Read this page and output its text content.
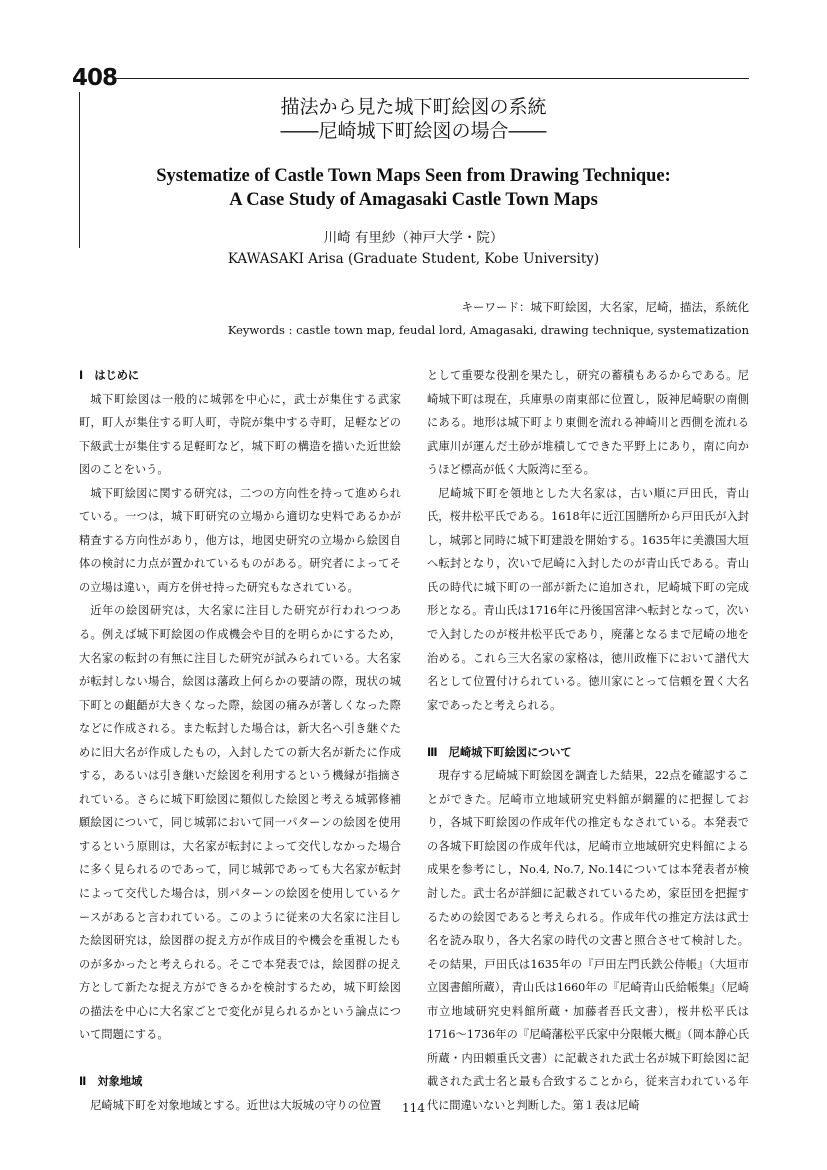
408
描法から見た城下町絵図の系統
――尼崎城下町絵図の場合――
Systematize of Castle Town Maps Seen from Drawing Technique:
A Case Study of Amagasaki Castle Town Maps
川崎 有里紗（神戸大学・院）
KAWASAKI Arisa (Graduate Student, Kobe University)
キーワード：城下町絵図，大名家，尼崎，描法，系統化
Keywords : castle town map, feudal lord, Amagasaki, drawing technique, systematization
Ⅰ　はじめに

城下町絵図は一般的に城郭を中心に，武士が集住する武家町，町人が集住する町人町，寺院が集中する寺町，足軽などの下級武士が集住する足軽町など，城下町の構造を描いた近世絵図のことをいう。

城下町絵図に関する研究は，二つの方向性を持って進められている。一つは，城下町研究の立場から適切な史料であるかが精査する方向性があり，他方は，地図史研究の立場から絵図自体の検討に力点が置かれているものがある。研究者によってその立場は違い，両方を併せ持った研究もなされている。

近年の絵図研究は，大名家に注目した研究が行われつつある。例えば城下町絵図の作成機会や目的を明らかにするため，大名家の転封の有無に注目した研究が試みられている。大名家が転封しない場合，絵図は藩政上何らかの要請の際，現状の城下町との齟齬が大きくなった際，絵図の痛みが著しくなった際などに作成される。また転封した場合は，新大名へ引き継ぐために旧大名が作成したもの，入封したての新大名が新たに作成する，あるいは引き継いだ絵図を利用するという機縁が指摘されている。さらに城下町絵図に類似した絵図と考える城郭修補願絵図について，同じ城郭において同一パターンの絵図を使用するという原則は，大名家が転封によって交代しなかった場合に多く見られるのであって，同じ城郭であっても大名家が転封によって交代した場合は，別パターンの絵図を使用しているケースがあると言われている。このように従来の大名家に注目した絵図研究は，絵図群の捉え方が作成目的や機会を重視したものが多かったと考えられる。そこで本発表では，絵図群の捉え方として新たな捉え方ができるかを検討するため，城下町絵図の描法を中心に大名家ごとで変化が見られるかという論点について問題にする。

Ⅱ　対象地域

尼崎城下町を対象地域とする。近世は大坂城の守りの位置

として重要な役割を果たし，研究の蓄積もあるからである。尼崎城下町は現在，兵庫県の南東部に位置し，阪神尼崎駅の南側にある。地形は城下町より東側を流れる神崎川と西側を流れる武庫川が運んだ土砂が堆積してできた平野上にあり，南に向かうほど標高が低く大阪湾に至る。

尼崎城下町を領地とした大名家は，古い順に戸田氏，青山氏，桜井松平氏である。1618年に近江国膳所から戸田氏が入封し，城郭と同時に城下町建設を開始する。1635年に美濃国大垣へ転封となり，次いで尼崎に入封したのが青山氏である。青山氏の時代に城下町の一部が新たに追加され，尼崎城下町の完成形となる。青山氏は1716年に丹後国宮津へ転封となって，次いで入封したのが桜井松平氏であり，廃藩となるまで尼崎の地を治める。これら三大名家の家格は，徳川政権下において譜代大名として位置付けられている。徳川家にとって信頼を置く大名家であったと考えられる。

Ⅲ　尼崎城下町絵図について

現存する尼崎城下町絵図を調査した結果，22点を確認することができた。尼崎市立地域研究史料館が網羅的に把握しており，各城下町絵図の作成年代の推定もなされている。本発表での各城下町絵図の作成年代は，尼崎市立地域研究史料館による成果を参考にし，No.4, No.7, No.14については本発表者が検討した。武士名が詳細に記載されているため，家臣団を把握するための絵図であると考えられる。作成年代の推定方法は武士名を読み取り，各大名家の時代の文書と照合させて検討した。その結果，戸田氏は1635年の『戸田左門氏鉄公侍帳』（大垣市立図書館所蔵），青山氏は1660年の『尼崎青山氏給帳集』（尼崎市立地域研究史料館所蔵・加藤者吾氏文書），桜井松平氏は1716～1736年の『尼崎藩松平氏家中分限帳大概』（岡本静心氏所蔵・内田頼重氏文書）に記載された武士名が城下町絵図に記載された武士名と最も合致することから，従来言われている年代に間違いないと判断した。第１表は尼崎

114
